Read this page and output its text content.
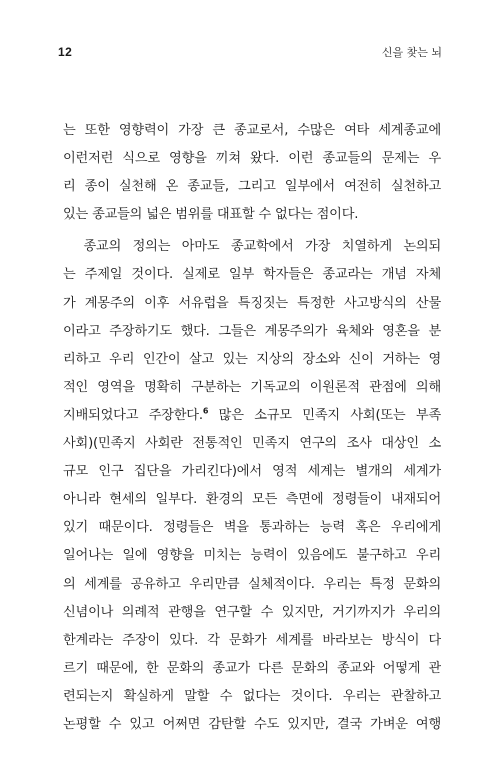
12	신을 찾는 뇌
는 또한 영향력이 가장 큰 종교로서, 수많은 여타 세계종교에
이런저런 식으로 영향을 끼쳐 왔다. 이런 종교들의 문제는 우
리 종이 실천해 온 종교들, 그리고 일부에서 여전히 실천하고
있는 종교들의 넓은 범위를 대표할 수 없다는 점이다.
　종교의 정의는 아마도 종교학에서 가장 치열하게 논의되
는 주제일 것이다. 실제로 일부 학자들은 종교라는 개념 자체
가 계몽주의 이후 서유럽을 특징짓는 특정한 사고방식의 산물
이라고 주장하기도 했다. 그들은 계몽주의가 육체와 영혼을 분
리하고 우리 인간이 살고 있는 지상의 장소와 신이 거하는 영
적인 영역을 명확히 구분하는 기독교의 이원론적 관점에 의해
지배되었다고 주장한다.$^6$ 많은 소규모 민족지 사회(또는 부족
사회)(민족지 사회란 전통적인 민족지 연구의 조사 대상인 소
규모 인구 집단을 가리킨다)에서 영적 세계는 별개의 세계가
아니라 현세의 일부다. 환경의 모든 측면에 정령들이 내재되어
있기 때문이다. 정령들은 벽을 통과하는 능력 혹은 우리에게
일어나는 일에 영향을 미치는 능력이 있음에도 불구하고 우리
의 세계를 공유하고 우리만큼 실체적이다. 우리는 특정 문화의
신념이나 의례적 관행을 연구할 수 있지만, 거기까지가 우리의
한계라는 주장이 있다. 각 문화가 세계를 바라보는 방식이 다
르기 때문에, 한 문화의 종교가 다른 문화의 종교와 어떻게 관
련되는지 확실하게 말할 수 없다는 것이다. 우리는 관찰하고
논평할 수 있고 어쩌면 감탄할 수도 있지만, 결국 가벼운 여행
